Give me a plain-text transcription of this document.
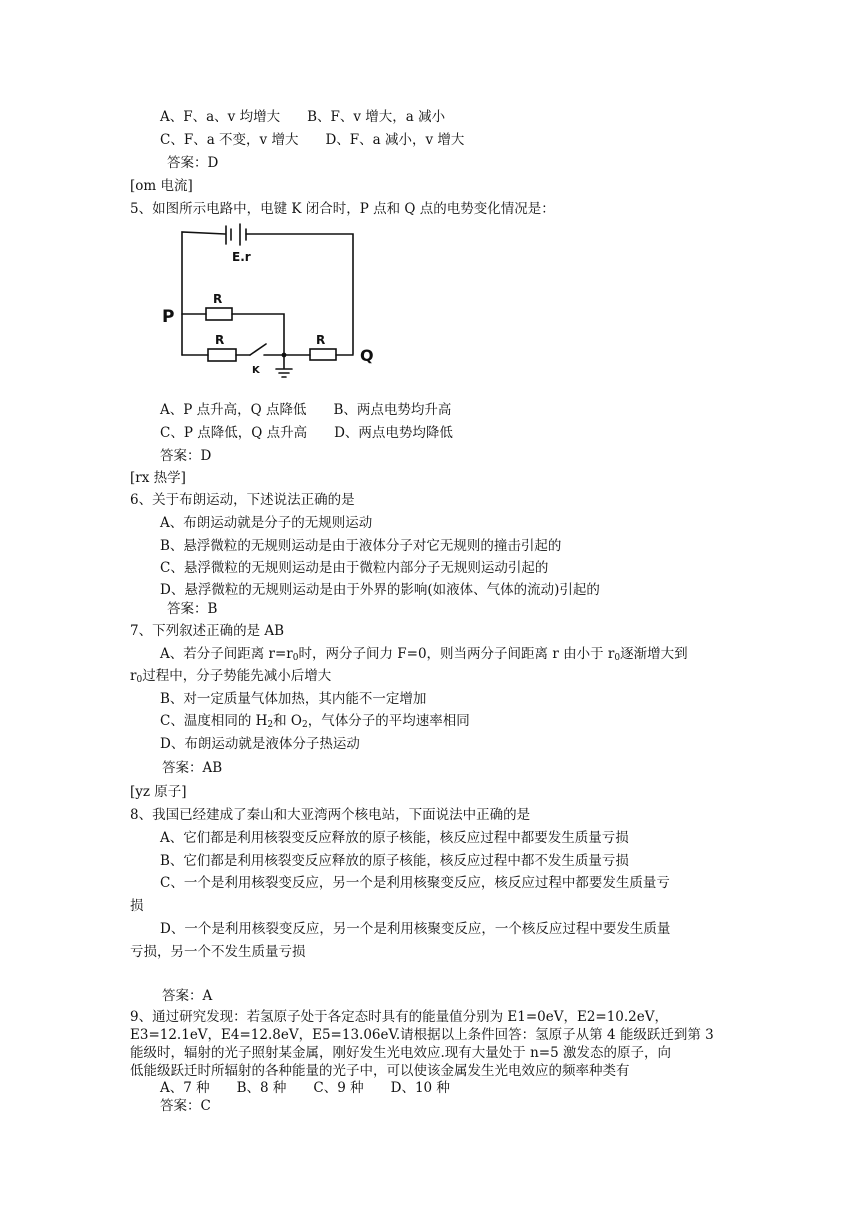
A、F、a、v 均增大　　B、F、v 增大，a 减小
C、F、a 不变，v 增大　　D、F、a 减小，v 增大
答案：D
[om 电流]
5、如图所示电路中，电键 K 闭合时，P 点和 Q 点的电势变化情况是：
E.r
P
Q
R
R	R
K
A、P 点升高，Q 点降低　　B、两点电势均升高
C、P 点降低，Q 点升高　　D、两点电势均降低
答案：D
[rx 热学]
6、关于布朗运动，下述说法正确的是
A、布朗运动就是分子的无规则运动
B、悬浮微粒的无规则运动是由于液体分子对它无规则的撞击引起的
C、悬浮微粒的无规则运动是由于微粒内部分子无规则运动引起的
D、悬浮微粒的无规则运动是由于外界的影响(如液体、气体的流动)引起的
答案：B
7、下列叙述正确的是 AB
A、若分子间距离 $r=r_0$时，两分子间力 F=0，则当两分子间距离 r 由小于 $r_0$逐渐增大到
$r_0$过程中，分子势能先减小后增大
B、对一定质量气体加热，其内能不一定增加
C、温度相同的 $H_2$和 $O_2$，气体分子的平均速率相同
D、布朗运动就是液体分子热运动
答案：AB
[yz 原子]
8、我国已经建成了秦山和大亚湾两个核电站，下面说法中正确的是
A、它们都是利用核裂变反应释放的原子核能，核反应过程中都要发生质量亏损
B、它们都是利用核裂变反应释放的原子核能，核反应过程中都不发生质量亏损
C、一个是利用核裂变反应，另一个是利用核聚变反应，核反应过程中都要发生质量亏
损
D、一个是利用核裂变反应，另一个是利用核聚变反应，一个核反应过程中要发生质量
亏损，另一个不发生质量亏损
答案：A
9、通过研究发现：若氢原子处于各定态时具有的能量值分别为 E1=0eV，E2=10.2eV，
E3=12.1eV，E4=12.8eV，E5=13.06eV.请根据以上条件回答：氢原子从第 4 能级跃迁到第 3
能级时，辐射的光子照射某金属，刚好发生光电效应.现有大量处于 n=5 激发态的原子，向
低能级跃迁时所辐射的各种能量的光子中，可以使该金属发生光电效应的频率种类有
A、7 种　　B、8 种　　C、9 种　　D、10 种
答案：C
